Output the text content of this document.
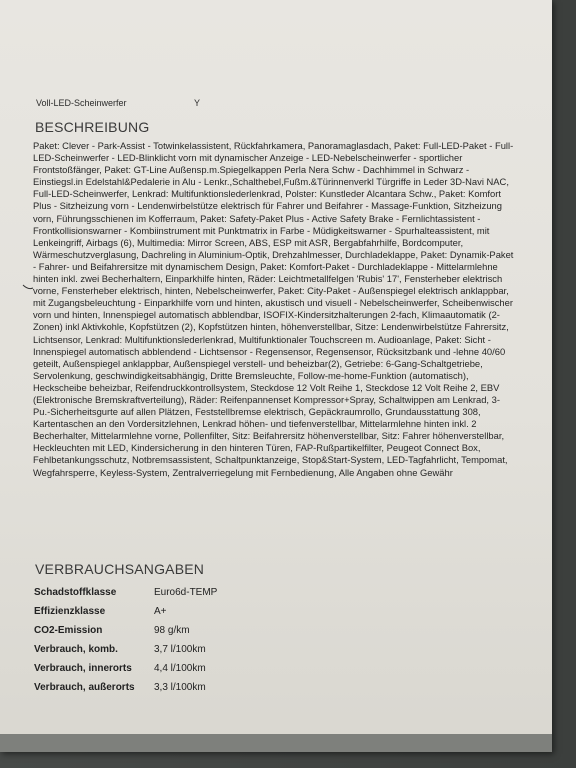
Voll-LED-Scheinwerfer	Y
BESCHREIBUNG

Paket: Clever - Park-Assist - Totwinkelassistent, Rückfahrkamera, Panoramaglasdach, Paket: Full-LED-Paket - Full-LED-Scheinwerfer - LED-Blinklicht vorn mit dynamischer Anzeige - LED-Nebelscheinwerfer - sportlicher Frontstoßfänger, Paket: GT-Line Außensp.m.Spiegelkappen Perla Nera Schw - Dachhimmel in Schwarz - Einstiegsl.in Edelstahl&Pedalerie in Alu - Lenkr.,Schalthebel,Fußm.&Türinnenverkl Türgriffe in Leder 3D-Navi NAC, Full-LED-Scheinwerfer, Lenkrad: Multifunktionslederlenkrad, Polster: Kunstleder Alcantara Schw., Paket: Komfort Plus - Sitzheizung vorn - Lendenwirbelstütze elektrisch für Fahrer und Beifahrer - Massage-Funktion, Sitzheizung vorn, Führungsschienen im Kofferraum, Paket: Safety-Paket Plus - Active Safety Brake - Fernlichtassistent - Frontkollisionswarner - Kombiinstrument mit Punktmatrix in Farbe - Müdigkeitswarner - Spurhalteassistent, mit Lenkeingriff, Airbags (6), Multimedia: Mirror Screen, ABS, ESP mit ASR, Bergabfahrhilfe, Bordcomputer, Wärmeschutzverglasung, Dachreling in Aluminium-Optik, Drehzahlmesser, Durchladeklappe, Paket: Dynamik-Paket - Fahrer- und Beifahrersitze mit dynamischem Design, Paket: Komfort-Paket - Durchladeklappe - Mittelarmlehne hinten inkl. zwei Becherhaltern, Einparkhilfe hinten, Räder: Leichtmetallfelgen 'Rubis' 17', Fensterheber elektrisch vorne, Fensterheber elektrisch, hinten, Nebelscheinwerfer, Paket: City-Paket - Außenspiegel elektrisch anklappbar, mit Zugangsbeleuchtung - Einparkhilfe vorn und hinten, akustisch und visuell - Nebelscheinwerfer, Scheibenwischer vorn und hinten, Innenspiegel automatisch abblendbar, ISOFIX-Kindersitzhalterungen 2-fach, Klimaautomatik (2-Zonen) inkl Aktivkohle, Kopfstützen (2), Kopfstützen hinten, höhenverstellbar, Sitze: Lendenwirbelstütze Fahrersitz, Lichtsensor, Lenkrad: Multifunktionslederlenkrad, Multifunktionaler Touchscreen m. Audioanlage, Paket: Sicht - Innenspiegel automatisch abblendend - Lichtsensor - Regensensor, Regensensor, Rücksitzbank und -lehne 40/60 geteilt, Außenspiegel anklappbar, Außenspiegel verstell- und beheizbar(2), Getriebe: 6-Gang-Schaltgetriebe, Servolenkung, geschwindigkeitsabhängig, Dritte Bremsleuchte, Follow-me-home-Funktion (automatisch), Heckscheibe beheizbar, Reifendruckkontrollsystem, Steckdose 12 Volt Reihe 1, Steckdose 12 Volt Reihe 2, EBV (Elektronische Bremskraftverteilung), Räder: Reifenpannenset Kompressor+Spray, Schaltwippen am Lenkrad, 3-Pu.-Sicherheitsgurte auf allen Plätzen, Feststellbremse elektrisch, Gepäckraumrollo, Grundausstattung 308, Kartentaschen an den Vordersitzlehnen, Lenkrad höhen- und tiefenverstellbar, Mittelarmlehne hinten inkl. 2 Becherhalter, Mittelarmlehne vorne, Pollenfilter, Sitz: Beifahrersitz höhenverstellbar, Sitz: Fahrer höhenverstellbar, Heckleuchten mit LED, Kindersicherung in den hinteren Türen, FAP-Rußpartikelfilter, Peugeot Connect Box, Fehlbetankungsschutz, Notbremsassistent, Schaltpunktanzeige, Stop&Start-System, LED-Tagfahrlicht, Tempomat, Wegfahrsperre, Keyless-System, Zentralverriegelung mit Fernbedienung, Alle Angaben ohne Gewähr

VERBRAUCHSANGABEN
Schadstoffklasse	Euro6d-TEMP
Effizienzklasse	A+
CO2-Emission	98 g/km
Verbrauch, komb.	3,7 l/100km
Verbrauch, innerorts	4,4 l/100km
Verbrauch, außerorts	3,3 l/100km
